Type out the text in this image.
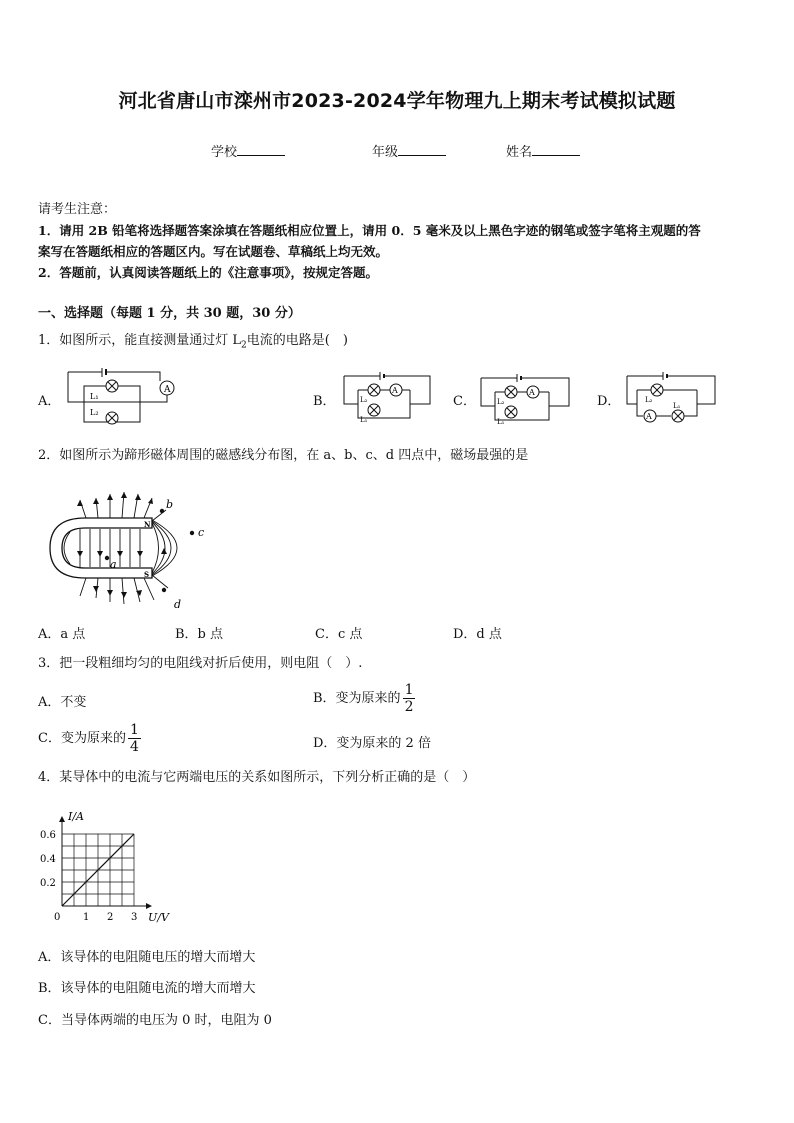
河北省唐山市滦州市2023-2024学年物理九上期末考试模拟试题
学校	年级	姓名
请考生注意：
1．请用 2B 铅笔将选择题答案涂填在答题纸相应位置上，请用 0．5 毫米及以上黑色字迹的钢笔或签字笔将主观题的答
案写在答题纸相应的答题区内。写在试题卷、草稿纸上均无效。
2．答题前，认真阅读答题纸上的《注意事项》，按规定答题。
一、选择题（每题 1 分，共 30 题，30 分）
1．如图所示，能直接测量通过灯 $L_2$电流的电路是(　)
A．	B．	C．	D．
A
L₁
L₂
A
L₂
L₁
A
L₂
L₁
A
L₂
L₁
2．如图所示为蹄形磁体周围的磁感线分布图，在 a、b、c、d 四点中，磁场最强的是
b
c
a
d
N
S
A．a 点	B．b 点	C．c 点	D．d 点
3．把一段粗细均匀的电阻线对折后使用，则电阻（　）.
A．不变	B．变为原来的 $\frac{1}{2}$
C．变为原来的 $\frac{1}{4}$	D．变为原来的 2 倍
4．某导体中的电流与它两端电压的关系如图所示，下列分析正确的是（　）
0 1 2 3
0.2
0.4
0.6
U/V
I/A
A．该导体的电阻随电压的增大而增大
B．该导体的电阻随电流的增大而增大
C．当导体两端的电压为 0 时，电阻为 0
